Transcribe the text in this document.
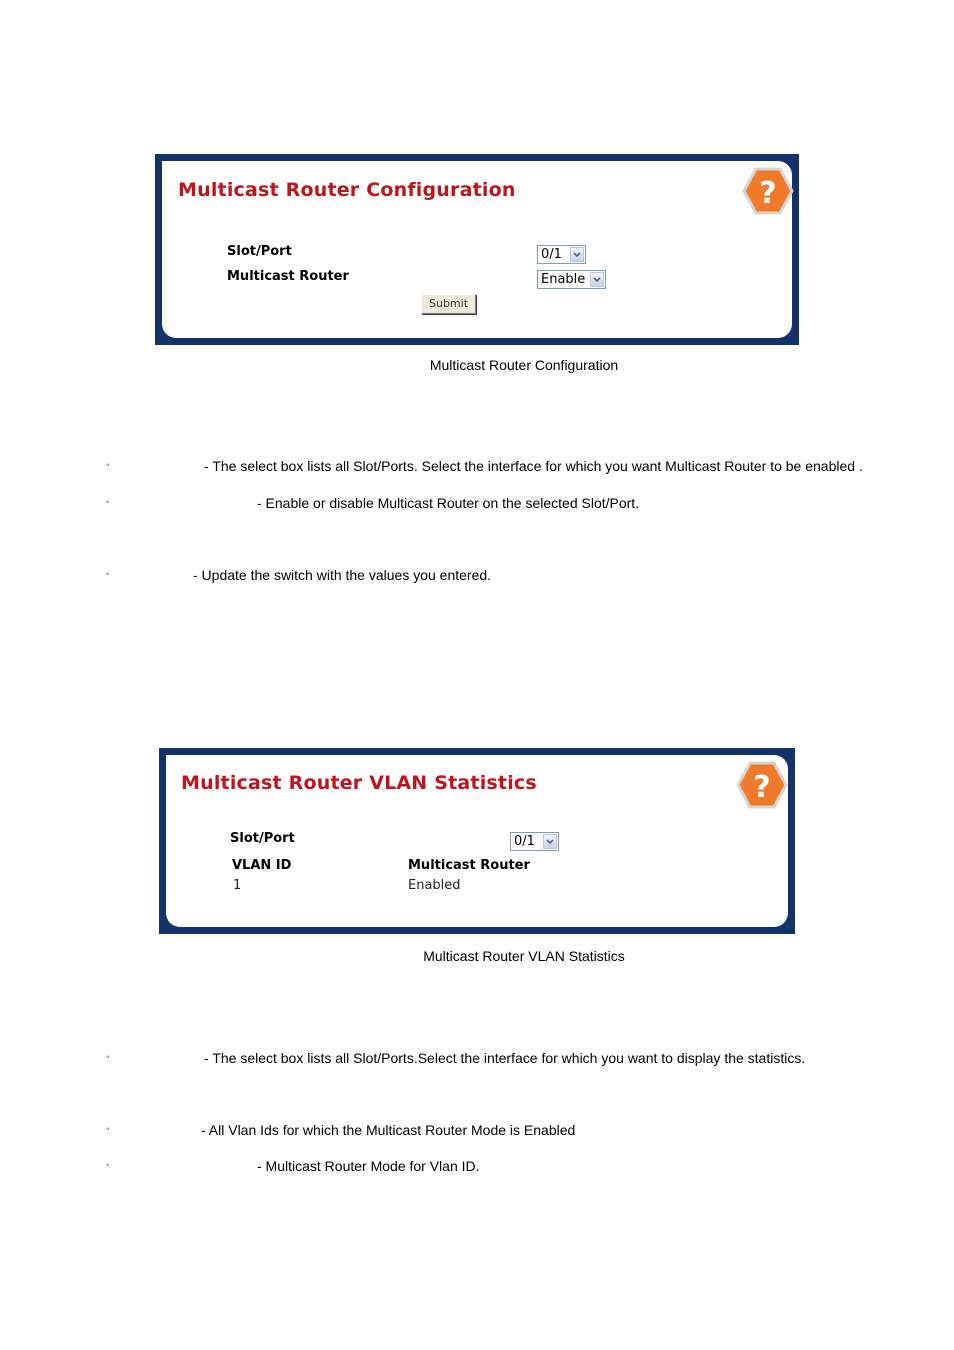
Multicast Router Configuration	?
Slot/Port	0/1
Multicast Router	Enable
Submit
Multicast Router Configuration
◦	- The select box lists all Slot/Ports. Select the interface for which you want Multicast Router to be enabled .
◦	- Enable or disable Multicast Router on the selected Slot/Port.
◦	- Update the switch with the values you entered.
Multicast Router VLAN Statistics	?
Slot/Port	0/1
VLAN ID	Multicast Router
1	Enabled
Multicast Router VLAN Statistics
◦	- The select box lists all Slot/Ports.Select the interface for which you want to display the statistics.
◦	- All Vlan Ids for which the Multicast Router Mode is Enabled
◦	- Multicast Router Mode for Vlan ID.
